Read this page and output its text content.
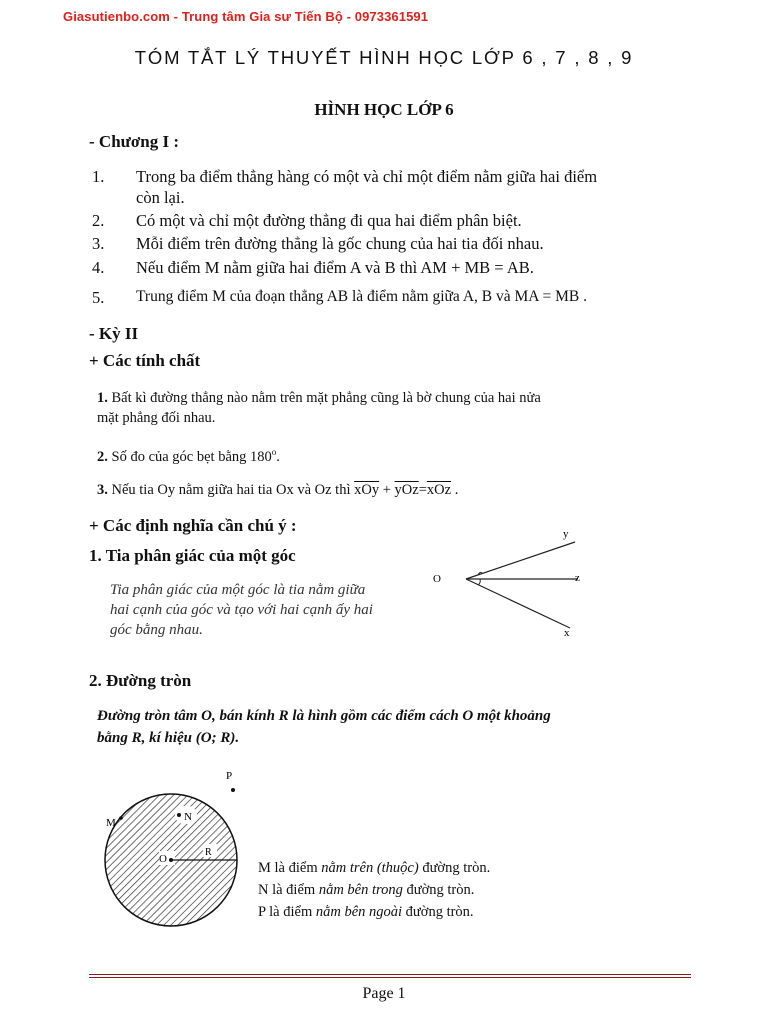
Giasutienbo.com - Trung tâm Gia sư Tiến Bộ - 0973361591
TÓM TẮT LÝ THUYẾT HÌNH HỌC LỚP 6 , 7 , 8 , 9
HÌNH HỌC LỚP 6
- Chương I :
1. Trong ba điểm thẳng hàng có một và chỉ một điểm nằm giữa hai điểm
còn lại.
2. Có một và chỉ một đường thẳng đi qua hai điểm phân biệt.
3. Mỗi điểm trên đường thẳng là gốc chung của hai tia đối nhau.
4. Nếu điểm M nằm giữa hai điểm A và B thì AM + MB = AB.
5. Trung điểm M của đoạn thẳng AB là điểm nằm giữa A, B và MA = MB .
- Kỳ II
+ Các tính chất
1. Bất kì đường thẳng nào nằm trên mặt phẳng cũng là bờ chung của hai nửa
mặt phẳng đối nhau.
2. Số đo của góc bẹt bằng 180$^o$.
3. Nếu tia Oy nằm giữa hai tia Ox và Oz thì $\overline{xOy} + \overline{yOz}=\overline{xOz}$ .
+ Các định nghĩa cần chú ý :
1. Tia phân giác của một góc
Tia phân giác của một góc là tia nằm giữa
hai cạnh của góc và tạo với hai cạnh ấy hai
góc bằng nhau.
O
y
z
x
2. Đường tròn
Đường tròn tâm O, bán kính R là hình gồm các điểm cách O một khoảng
bằng R, kí hiệu (O; R).
P
M	N
O
R
M là điểm nằm trên (thuộc) đường tròn.
N là điểm nằm bên trong đường tròn.
P là điểm nằm bên ngoài đường tròn.
Page 1
